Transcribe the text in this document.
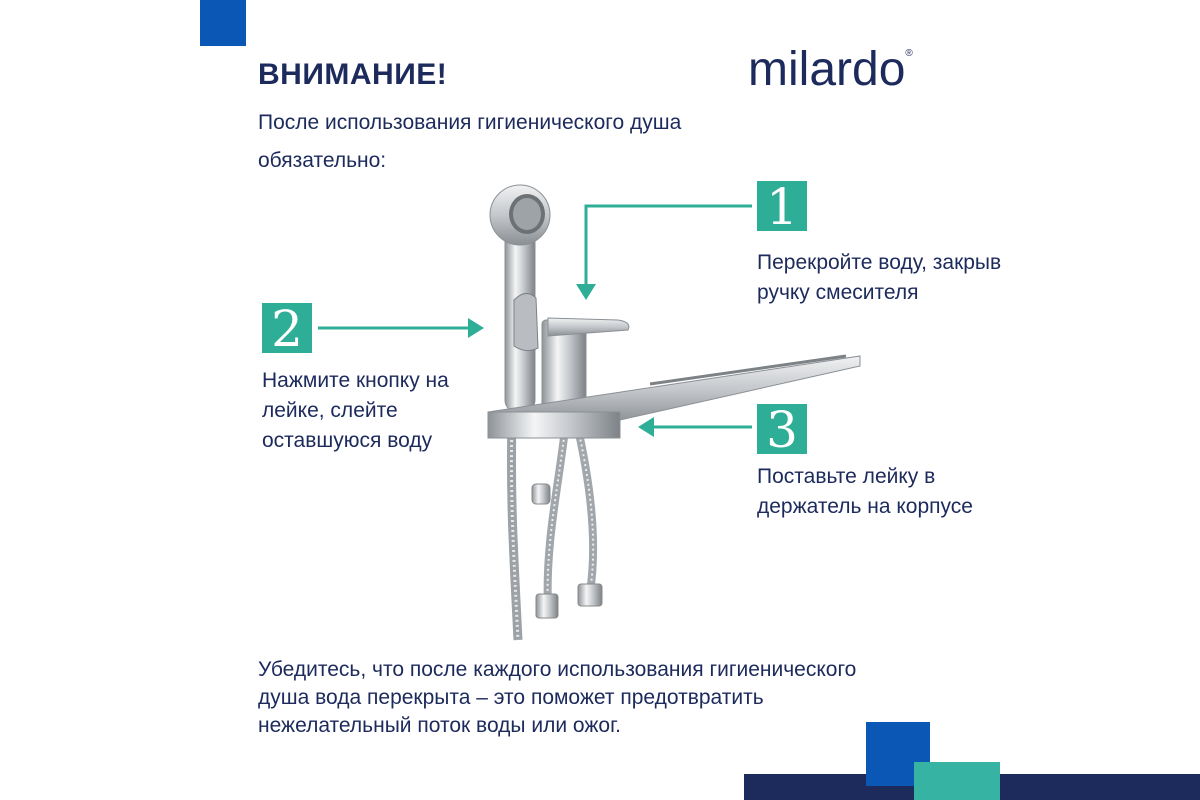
milardo®
ВНИМАНИЕ!
После использования гигиенического душа обязательно:
1
Перекройте воду, закрыв ручку смесителя
2
Нажмите кнопку на лейке, слейте оставшуюся воду	3
Поставьте лейку в держатель на корпусе
Убедитесь, что после каждого использования гигиенического душа вода перекрыта – это поможет предотвратить нежелательный поток воды или ожог.
